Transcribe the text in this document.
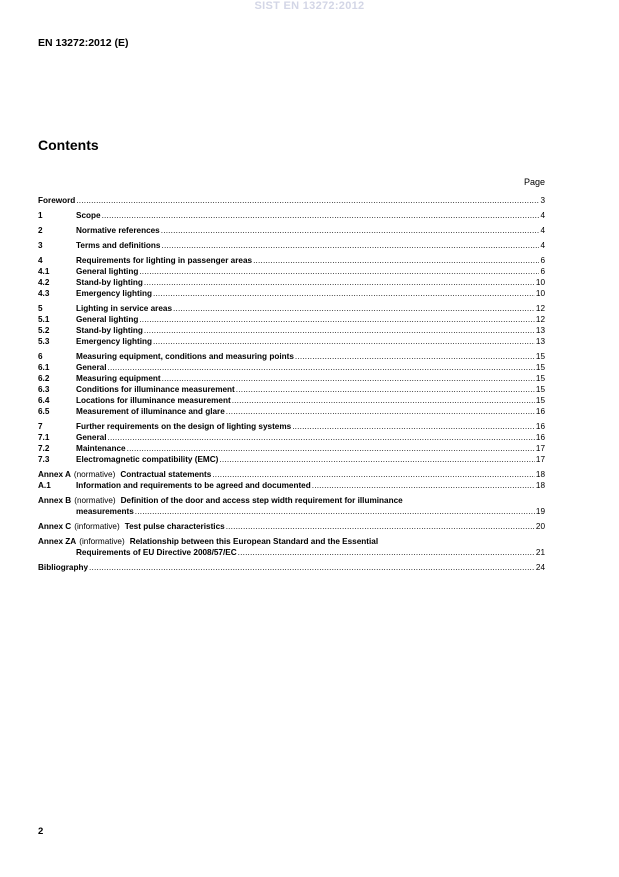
SIST EN 13272:2012
EN 13272:2012 (E)
Contents
Page
Foreword .....	3
1	Scope .....	4
2	Normative references .....	4
3	Terms and definitions .....	4
4	Requirements for lighting in passenger areas .....	6
4.1	General lighting .....	6
4.2	Stand-by lighting .....	10
4.3	Emergency lighting .....	10
5	Lighting in service areas .....	12
5.1	General lighting .....	12
5.2	Stand-by lighting .....	13
5.3	Emergency lighting .....	13
6	Measuring equipment, conditions and measuring points .....	15
6.1	General .....	15
6.2	Measuring equipment .....	15
6.3	Conditions for illuminance measurement .....	15
6.4	Locations for illuminance measurement .....	15
6.5	Measurement of illuminance and glare .....	16
7	Further requirements on the design of lighting systems .....	16
7.1	General .....	16
7.2	Maintenance .....	17
7.3	Electromagnetic compatibility (EMC) .....	17
Annex A (normative) Contractual statements .....	18
A.1	Information and requirements to be agreed and documented .....	18
Annex B (normative) Definition of the door and access step width requirement for illuminance
measurements .....	19
Annex C (informative) Test pulse characteristics .....	20
Annex ZA (informative) Relationship between this European Standard and the Essential
Requirements of EU Directive 2008/57/EC .....	21
Bibliography .....	24
2
